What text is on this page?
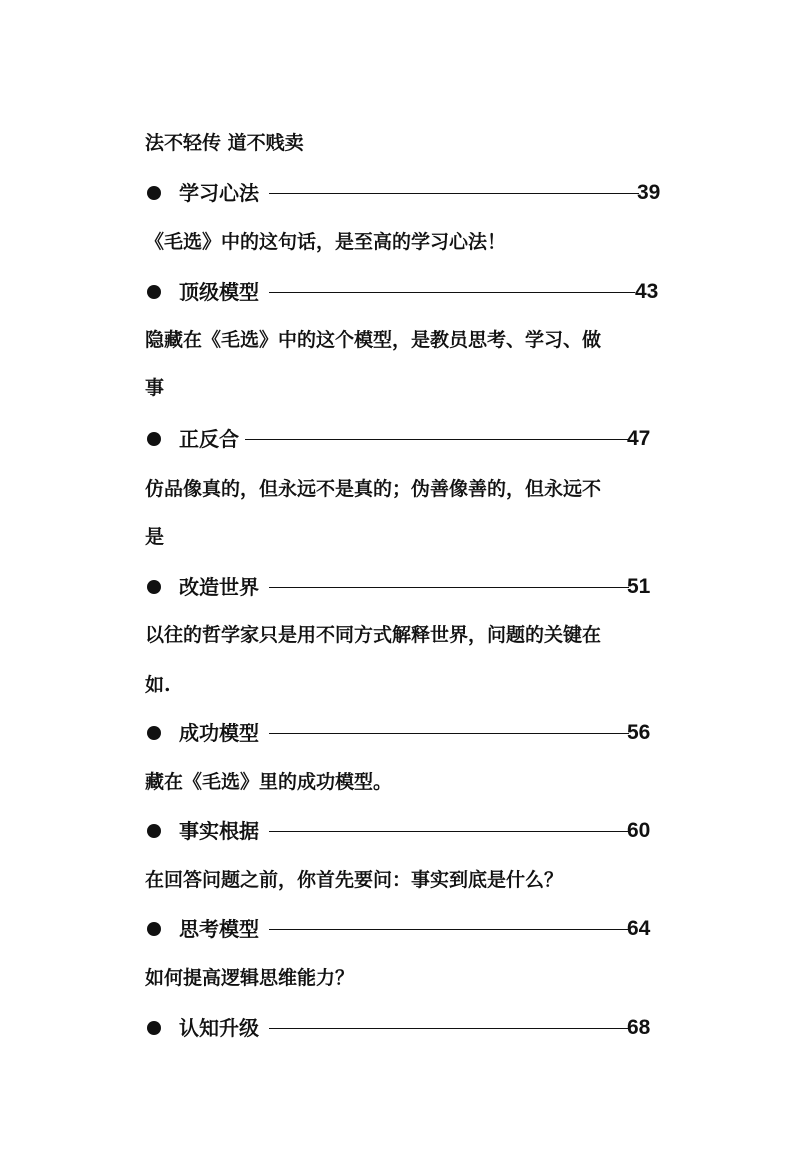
法不轻传 道不贱卖
学习心法	39
《毛选》中的这句话，是至高的学习心法！
顶级模型	43
隐藏在《毛选》中的这个模型，是教员思考、学习、做
事
正反合	47
仿品像真的，但永远不是真的；伪善像善的，但永远不
是
改造世界	51
以往的哲学家只是用不同方式解释世界，问题的关键在
如.
成功模型	56
藏在《毛选》里的成功模型。
事实根据	60
在回答问题之前，你首先要问：事实到底是什么？
思考模型	64
如何提高逻辑思维能力？
认知升级	68
